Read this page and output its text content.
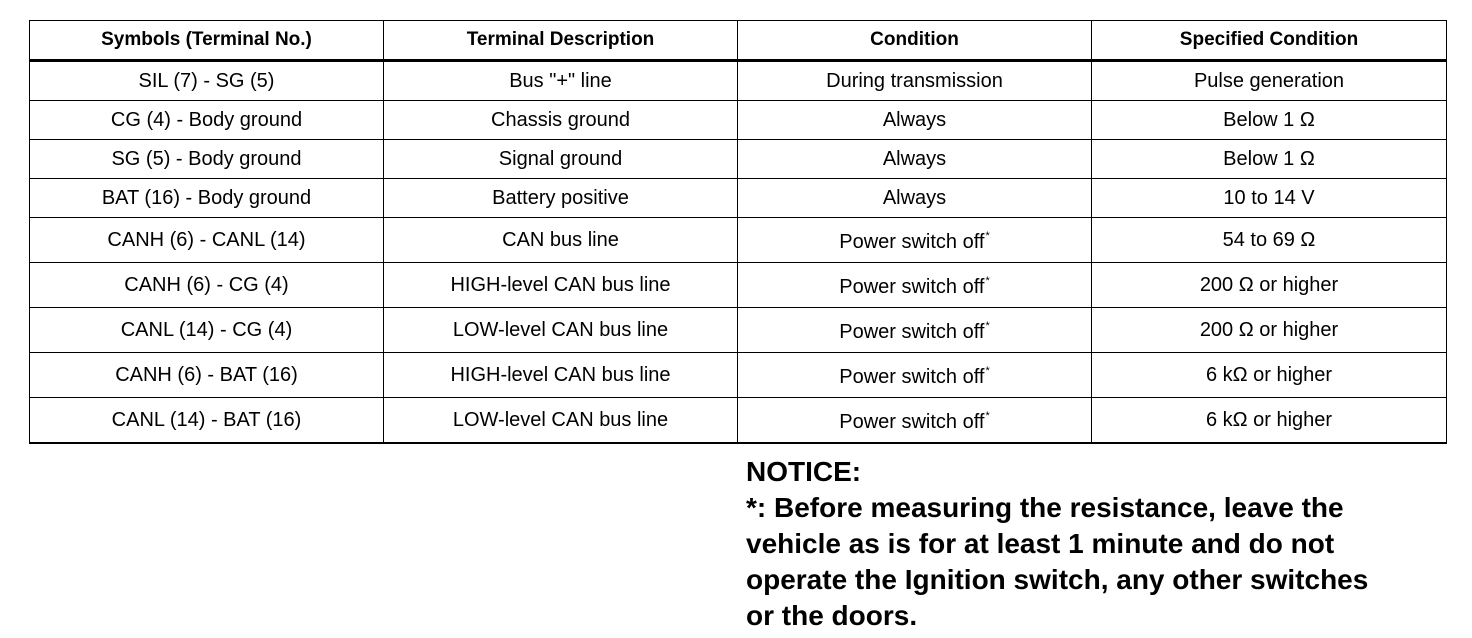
Symbols (Terminal No.)	Terminal Description	Condition	Specified Condition
SIL (7) - SG (5)	Bus "+" line	During transmission	Pulse generation
CG (4) - Body ground	Chassis ground	Always	Below 1 Ω
SG (5) - Body ground	Signal ground	Always	Below 1 Ω
BAT (16) - Body ground	Battery positive	Always	10 to 14 V
CANH (6) - CANL (14)	CAN bus line	Power switch off*	54 to 69 Ω
CANH (6) - CG (4)	HIGH-level CAN bus line	Power switch off*	200 Ω or higher
CANL (14) - CG (4)	LOW-level CAN bus line	Power switch off*	200 Ω or higher
CANH (6) - BAT (16)	HIGH-level CAN bus line	Power switch off*	6 kΩ or higher
CANL (14) - BAT (16)	LOW-level CAN bus line	Power switch off*	6 kΩ or higher
NOTICE:
*: Before measuring the resistance, leave the
vehicle as is for at least 1 minute and do not
operate the Ignition switch, any other switches
or the doors.
